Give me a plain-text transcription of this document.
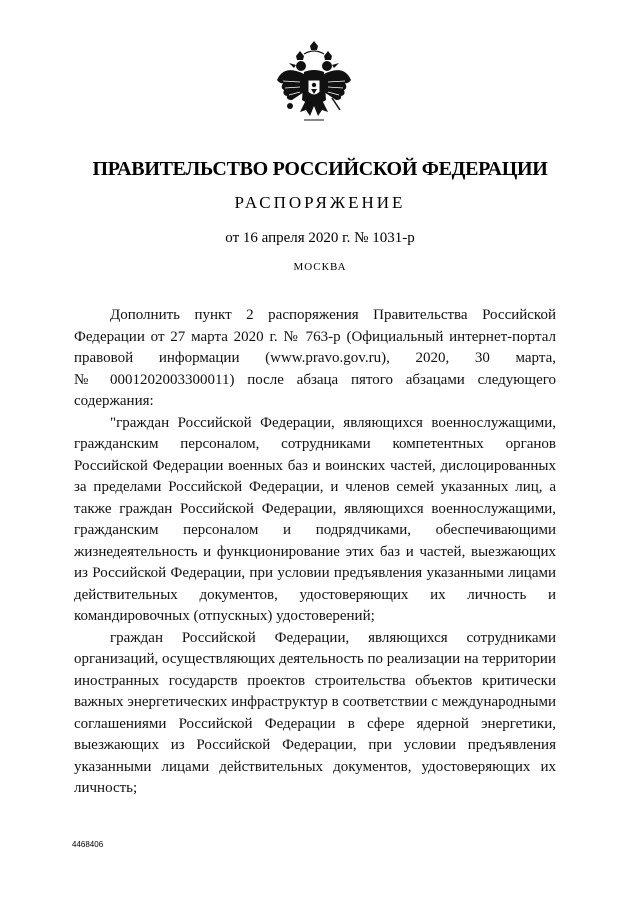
ПРАВИТЕЛЬСТВО РОССИЙСКОЙ ФЕДЕРАЦИИ
РАСПОРЯЖЕНИЕ
от 16 апреля 2020 г. № 1031-р
МОСКВА
Дополнить пункт 2 распоряжения Правительства Российской
Федерации от 27 марта 2020 г. № 763-р (Официальный интернет-портал
правовой информации (www.pravo.gov.ru), 2020, 30 марта,
№ 0001202003300011) после абзаца пятого абзацами следующего
содержания:
"граждан Российской Федерации, являющихся военнослужащими,
гражданским персоналом, сотрудниками компетентных органов
Российской Федерации военных баз и воинских частей, дислоцированных
за пределами Российской Федерации, и членов семей указанных лиц, а
также граждан Российской Федерации, являющихся военнослужащими,
гражданским персоналом и подрядчиками, обеспечивающими
жизнедеятельность и функционирование этих баз и частей, выезжающих
из Российской Федерации, при условии предъявления указанными лицами
действительных документов, удостоверяющих их личность и
командировочных (отпускных) удостоверений;
граждан Российской Федерации, являющихся сотрудниками
организаций, осуществляющих деятельность по реализации на территории
иностранных государств проектов строительства объектов критически
важных энергетических инфраструктур в соответствии с международными
соглашениями Российской Федерации в сфере ядерной энергетики,
выезжающих из Российской Федерации, при условии предъявления
указанными лицами действительных документов, удостоверяющих их
личность;
4468406
